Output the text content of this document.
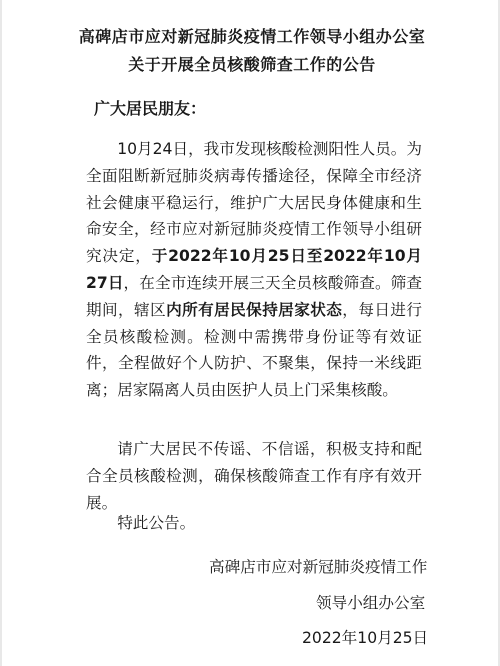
高碑店市应对新冠肺炎疫情工作领导小组办公室
关于开展全员核酸筛查工作的公告
广大居民朋友：
10月24日，我市发现核酸检测阳性人员。为全面阻断新冠肺炎病毒传播途径，保障全市经济社会健康平稳运行，维护广大居民身体健康和生命安全，经市应对新冠肺炎疫情工作领导小组研究决定，于2022年10月25日至2022年10月27日，在全市连续开展三天全员核酸筛查。筛查期间，辖区内所有居民保持居家状态，每日进行全员核酸检测。检测中需携带身份证等有效证件，全程做好个人防护、不聚集，保持一米线距离；居家隔离人员由医护人员上门采集核酸。
请广大居民不传谣、不信谣，积极支持和配合全员核酸检测，确保核酸筛查工作有序有效开展。
特此公告。
高碑店市应对新冠肺炎疫情工作
领导小组办公室
2022年10月25日
